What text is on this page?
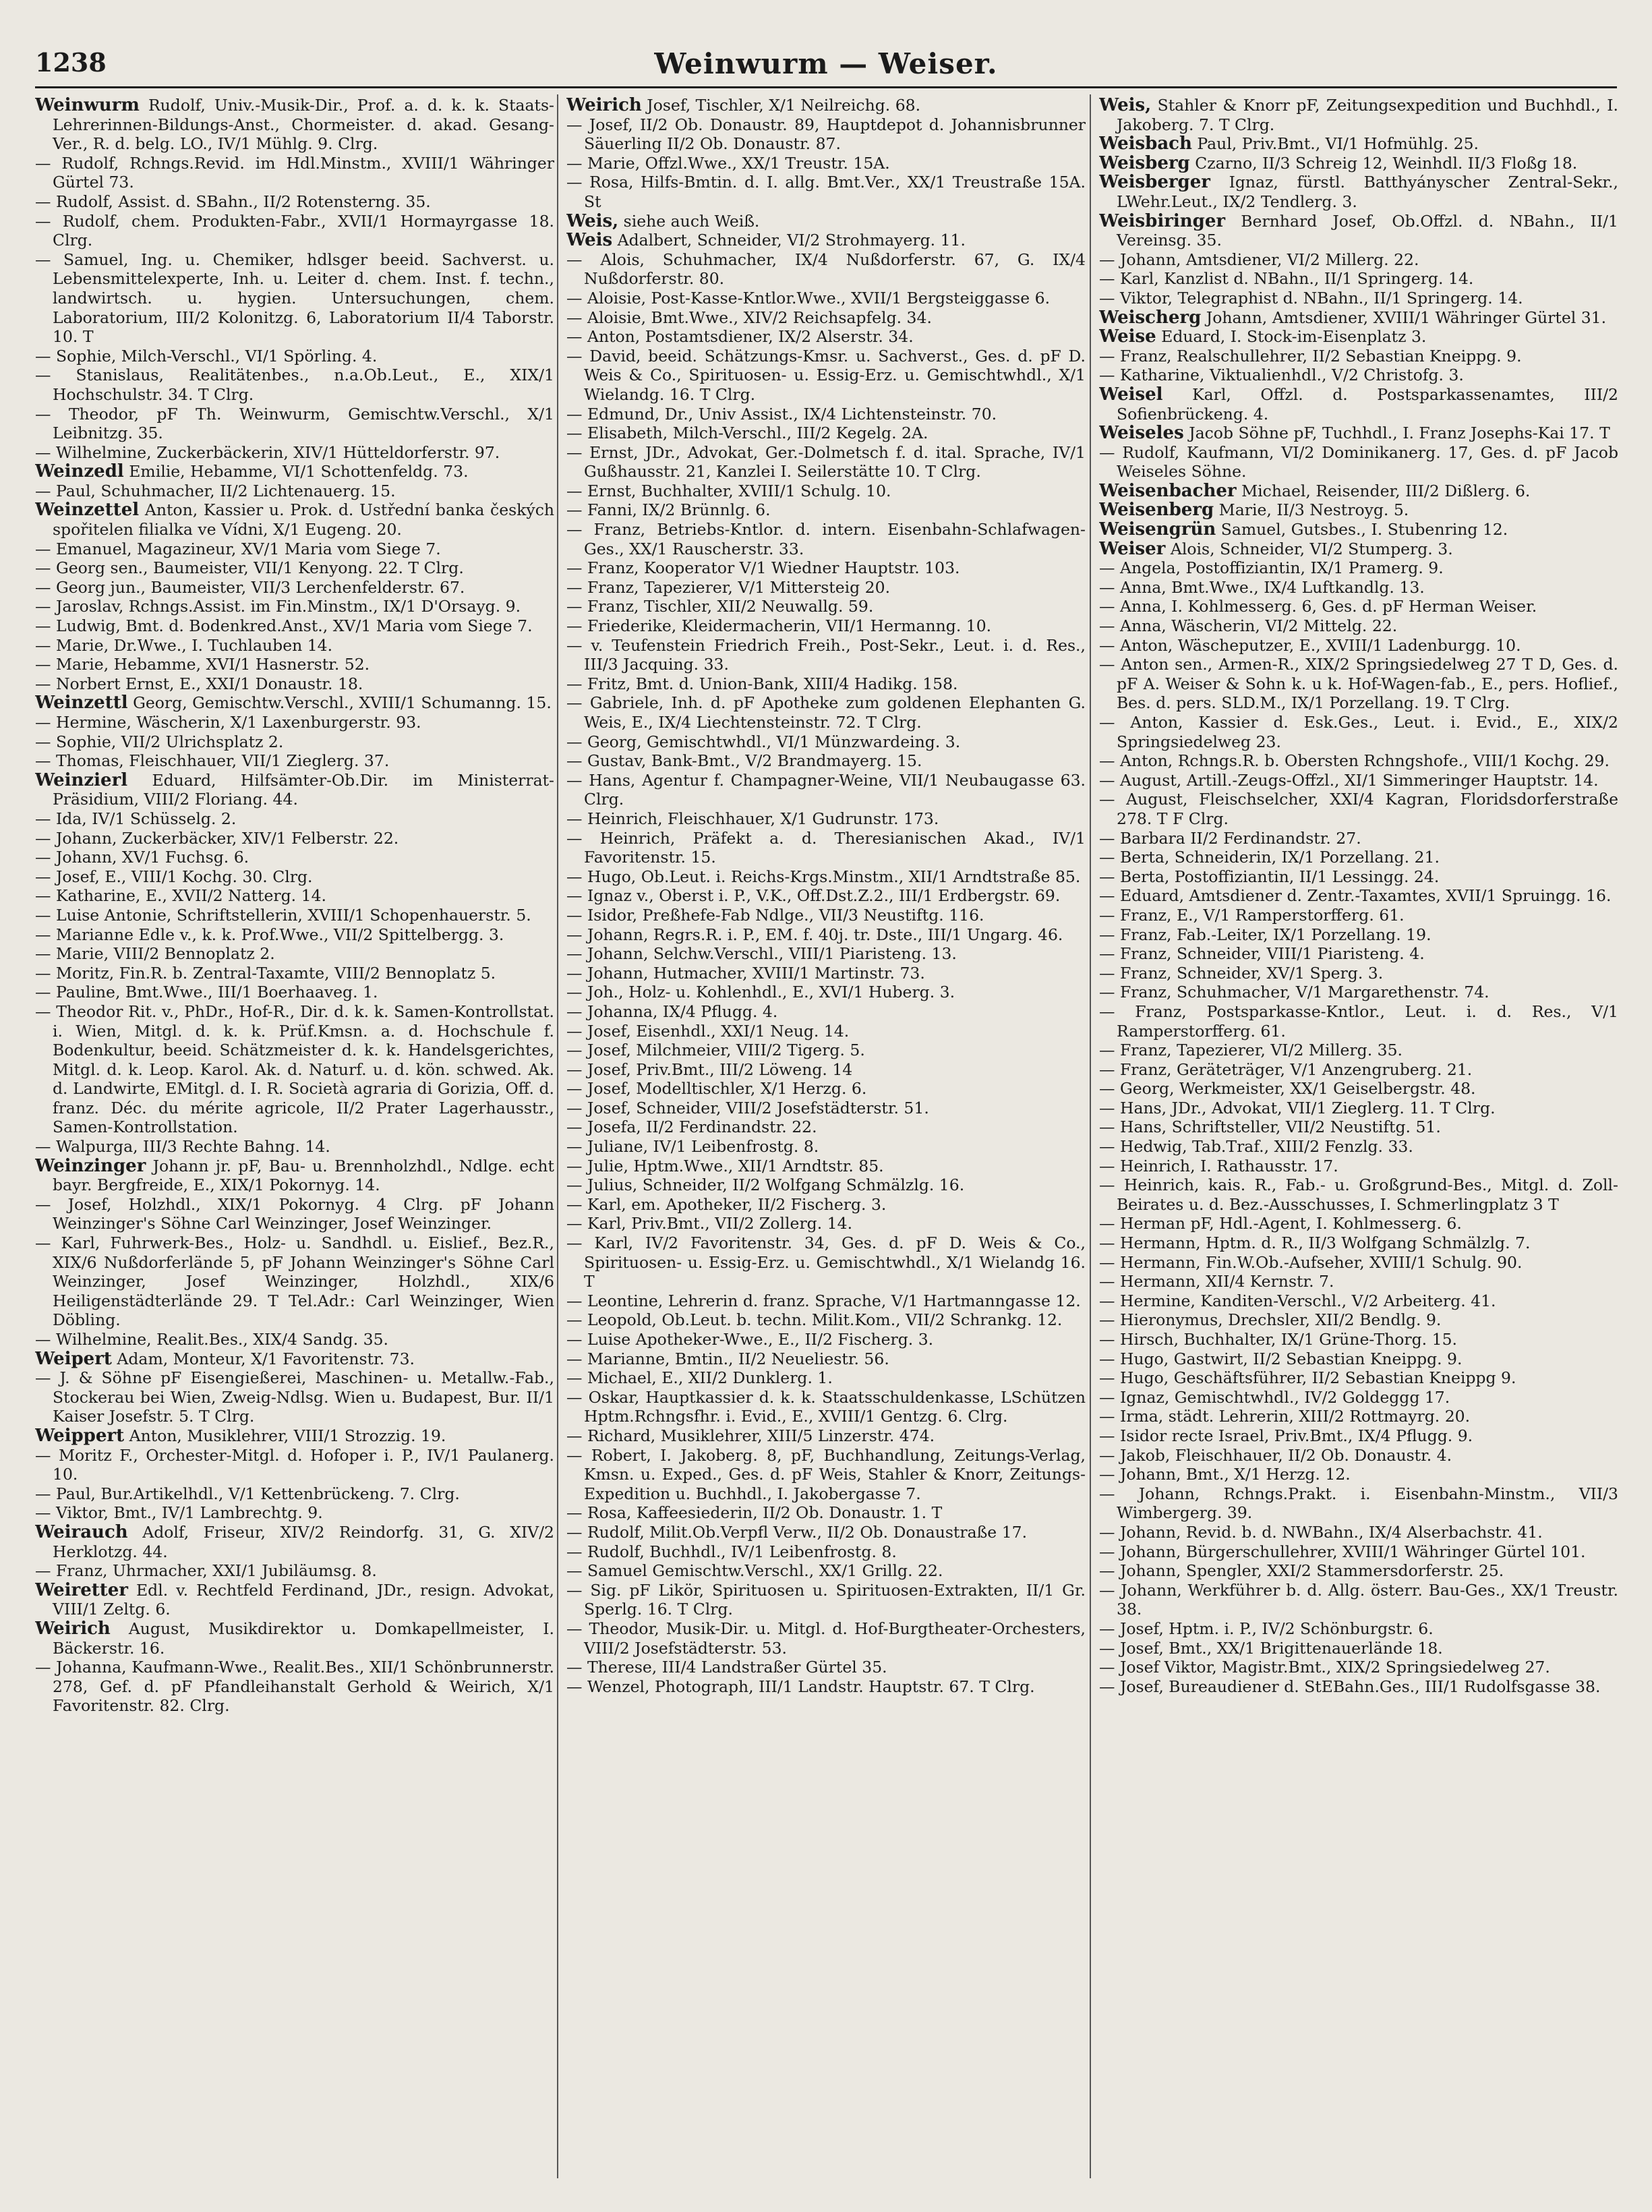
1238	Weinwurm — Weiser.

Weinwurm Rudolf, Univ.-Musik-Dir., Prof. a. d. k. k. Staats-Lehrerinnen-Bildungs-Anst., Chormeister. d. akad. Gesang-Ver., R. d. belg. LO., IV/1 Mühlg. 9. Clrg.

— Rudolf, Rchngs.Revid. im Hdl.Minstm., XVIII/1 Währinger Gürtel 73.

— Rudolf, Assist. d. SBahn., II/2 Rotensterng. 35.

— Rudolf, chem. Produkten-Fabr., XVII/1 Hormayrgasse 18. Clrg.

— Samuel, Ing. u. Chemiker, hdlsger beeid. Sachverst. u. Lebensmittelexperte, Inh. u. Leiter d. chem. Inst. f. techn., landwirtsch. u. hygien. Untersuchungen, chem. Laboratorium, III/2 Kolonitzg. 6, Laboratorium II/4 Taborstr. 10. T

— Sophie, Milch-Verschl., VI/1 Spörling. 4.

— Stanislaus, Realitätenbes., n.a.Ob.Leut., E., XIX/1 Hochschulstr. 34. T Clrg.

— Theodor, pF Th. Weinwurm, Gemischtw.Verschl., X/1 Leibnitzg. 35.

— Wilhelmine, Zuckerbäckerin, XIV/1 Hütteldorferstr. 97.

Weinzedl Emilie, Hebamme, VI/1 Schottenfeldg. 73.

— Paul, Schuhmacher, II/2 Lichtenauerg. 15.

Weinzettel Anton, Kassier u. Prok. d. Ustřední banka českých spořitelen filialka ve Vídni, X/1 Eugeng. 20.

— Emanuel, Magazineur, XV/1 Maria vom Siege 7.

— Georg sen., Baumeister, VII/1 Kenyong. 22. T Clrg.

— Georg jun., Baumeister, VII/3 Lerchenfelderstr. 67.

— Jaroslav, Rchngs.Assist. im Fin.Minstm., IX/1 D'Orsayg. 9.

— Ludwig, Bmt. d. Bodenkred.Anst., XV/1 Maria vom Siege 7.

— Marie, Dr.Wwe., I. Tuchlauben 14.

— Marie, Hebamme, XVI/1 Hasnerstr. 52.

— Norbert Ernst, E., XXI/1 Donaustr. 18.

Weinzettl Georg, Gemischtw.Verschl., XVIII/1 Schumanng. 15.

— Hermine, Wäscherin, X/1 Laxenburgerstr. 93.

— Sophie, VII/2 Ulrichsplatz 2.

— Thomas, Fleischhauer, VII/1 Zieglerg. 37.

Weinzierl Eduard, Hilfsämter-Ob.Dir. im Ministerrat-Präsidium, VIII/2 Floriang. 44.

— Ida, IV/1 Schüsselg. 2.

— Johann, Zuckerbäcker, XIV/1 Felberstr. 22.

— Johann, XV/1 Fuchsg. 6.

— Josef, E., VIII/1 Kochg. 30. Clrg.

— Katharine, E., XVII/2 Natterg. 14.

— Luise Antonie, Schriftstellerin, XVIII/1 Schopenhauerstr. 5.

— Marianne Edle v., k. k. Prof.Wwe., VII/2 Spittelbergg. 3.

— Marie, VIII/2 Bennoplatz 2.

— Moritz, Fin.R. b. Zentral-Taxamte, VIII/2 Bennoplatz 5.

— Pauline, Bmt.Wwe., III/1 Boerhaaveg. 1.

— Theodor Rit. v., PhDr., Hof-R., Dir. d. k. k. Samen-Kontrollstat. i. Wien, Mitgl. d. k. k. Prüf.Kmsn. a. d. Hochschule f. Bodenkultur, beeid. Schätzmeister d. k. k. Handelsgerichtes, Mitgl. d. k. Leop. Karol. Ak. d. Naturf. u. d. kön. schwed. Ak. d. Landwirte, EMitgl. d. I. R. Società agraria di Gorizia, Off. d. franz. Déc. du mérite agricole, II/2 Prater Lagerhausstr., Samen-Kontrollstation.

— Walpurga, III/3 Rechte Bahng. 14.

Weinzinger Johann jr. pF, Bau- u. Brennholzhdl., Ndlge. echt bayr. Bergfreide, E., XIX/1 Pokornyg. 14.

— Josef, Holzhdl., XIX/1 Pokornyg. 4 Clrg. pF Johann Weinzinger's Söhne Carl Weinzinger, Josef Weinzinger.

— Karl, Fuhrwerk-Bes., Holz- u. Sandhdl. u. Eislief., Bez.R., XIX/6 Nußdorferlände 5, pF Johann Weinzinger's Söhne Carl Weinzinger, Josef Weinzinger, Holzhdl., XIX/6 Heiligenstädterlände 29. T Tel.Adr.: Carl Weinzinger, Wien Döbling.

— Wilhelmine, Realit.Bes., XIX/4 Sandg. 35.

Weipert Adam, Monteur, X/1 Favoritenstr. 73.

— J. & Söhne pF Eisengießerei, Maschinen- u. Metallw.-Fab., Stockerau bei Wien, Zweig-Ndlsg. Wien u. Budapest, Bur. II/1 Kaiser Josefstr. 5. T Clrg.

Weippert Anton, Musiklehrer, VIII/1 Strozzig. 19.

— Moritz F., Orchester-Mitgl. d. Hofoper i. P., IV/1 Paulanerg. 10.

— Paul, Bur.Artikelhdl., V/1 Kettenbrückeng. 7. Clrg.

— Viktor, Bmt., IV/1 Lambrechtg. 9.

Weirauch Adolf, Friseur, XIV/2 Reindorfg. 31, G. XIV/2 Herklotzg. 44.

— Franz, Uhrmacher, XXI/1 Jubiläumsg. 8.

Weiretter Edl. v. Rechtfeld Ferdinand, JDr., resign. Advokat, VIII/1 Zeltg. 6.

Weirich August, Musikdirektor u. Domkapellmeister, I. Bäckerstr. 16.

— Johanna, Kaufmann-Wwe., Realit.Bes., XII/1 Schönbrunnerstr. 278, Gef. d. pF Pfandleihanstalt Gerhold & Weirich, X/1 Favoritenstr. 82. Clrg.

Weirich Josef, Tischler, X/1 Neilreichg. 68.

— Josef, II/2 Ob. Donaustr. 89, Hauptdepot d. Johannisbrunner Säuerling II/2 Ob. Donaustr. 87.

— Marie, Offzl.Wwe., XX/1 Treustr. 15A.

— Rosa, Hilfs-Bmtin. d. I. allg. Bmt.Ver., XX/1 Treustraße 15A. St

Weis, siehe auch Weiß.

Weis Adalbert, Schneider, VI/2 Strohmayerg. 11.

— Alois, Schuhmacher, IX/4 Nußdorferstr. 67, G. IX/4 Nußdorferstr. 80.

— Aloisie, Post-Kasse-Kntlor.Wwe., XVII/1 Bergsteiggasse 6.

— Aloisie, Bmt.Wwe., XIV/2 Reichsapfelg. 34.

— Anton, Postamtsdiener, IX/2 Alserstr. 34.

— David, beeid. Schätzungs-Kmsr. u. Sachverst., Ges. d. pF D. Weis & Co., Spirituosen- u. Essig-Erz. u. Gemischtwhdl., X/1 Wielandg. 16. T Clrg.

— Edmund, Dr., Univ Assist., IX/4 Lichtensteinstr. 70.

— Elisabeth, Milch-Verschl., III/2 Kegelg. 2A.

— Ernst, JDr., Advokat, Ger.-Dolmetsch f. d. ital. Sprache, IV/1 Gußhausstr. 21, Kanzlei I. Seilerstätte 10. T Clrg.

— Ernst, Buchhalter, XVIII/1 Schulg. 10.

— Fanni, IX/2 Brünnlg. 6.

— Franz, Betriebs-Kntlor. d. intern. Eisenbahn-Schlafwagen-Ges., XX/1 Rauscherstr. 33.

— Franz, Kooperator V/1 Wiedner Hauptstr. 103.

— Franz, Tapezierer, V/1 Mittersteig 20.

— Franz, Tischler, XII/2 Neuwallg. 59.

— Friederike, Kleidermacherin, VII/1 Hermanng. 10.

— v. Teufenstein Friedrich Freih., Post-Sekr., Leut. i. d. Res., III/3 Jacquing. 33.

— Fritz, Bmt. d. Union-Bank, XIII/4 Hadikg. 158.

— Gabriele, Inh. d. pF Apotheke zum goldenen Elephanten G. Weis, E., IX/4 Liechtensteinstr. 72. T Clrg.

— Georg, Gemischtwhdl., VI/1 Münzwardeing. 3.

— Gustav, Bank-Bmt., V/2 Brandmayerg. 15.

— Hans, Agentur f. Champagner-Weine, VII/1 Neubaugasse 63. Clrg.

— Heinrich, Fleischhauer, X/1 Gudrunstr. 173.

— Heinrich, Präfekt a. d. Theresianischen Akad., IV/1 Favoritenstr. 15.

— Hugo, Ob.Leut. i. Reichs-Krgs.Minstm., XII/1 Arndtstraße 85.

— Ignaz v., Oberst i. P., V.K., Off.Dst.Z.2., III/1 Erdbergstr. 69.

— Isidor, Preßhefe-Fab Ndlge., VII/3 Neustiftg. 116.

— Johann, Regrs.R. i. P., EM. f. 40j. tr. Dste., III/1 Ungarg. 46.

— Johann, Selchw.Verschl., VIII/1 Piaristeng. 13.

— Johann, Hutmacher, XVIII/1 Martinstr. 73.

— Joh., Holz- u. Kohlenhdl., E., XVI/1 Huberg. 3.

— Johanna, IX/4 Pflugg. 4.

— Josef, Eisenhdl., XXI/1 Neug. 14.

— Josef, Milchmeier, VIII/2 Tigerg. 5.

— Josef, Priv.Bmt., III/2 Löweng. 14

— Josef, Modelltischler, X/1 Herzg. 6.

— Josef, Schneider, VIII/2 Josefstädterstr. 51.

— Josefa, II/2 Ferdinandstr. 22.

— Juliane, IV/1 Leibenfrostg. 8.

— Julie, Hptm.Wwe., XII/1 Arndtstr. 85.

— Julius, Schneider, II/2 Wolfgang Schmälzlg. 16.

— Karl, em. Apotheker, II/2 Fischerg. 3.

— Karl, Priv.Bmt., VII/2 Zollerg. 14.

— Karl, IV/2 Favoritenstr. 34, Ges. d. pF D. Weis & Co., Spirituosen- u. Essig-Erz. u. Gemischtwhdl., X/1 Wielandg 16. T

— Leontine, Lehrerin d. franz. Sprache, V/1 Hartmanngasse 12.

— Leopold, Ob.Leut. b. techn. Milit.Kom., VII/2 Schrankg. 12.

— Luise Apotheker-Wwe., E., II/2 Fischerg. 3.

— Marianne, Bmtin., II/2 Neueliestr. 56.

— Michael, E., XII/2 Dunklerg. 1.

— Oskar, Hauptkassier d. k. k. Staatsschuldenkasse, LSchützen Hptm.Rchngsfhr. i. Evid., E., XVIII/1 Gentzg. 6. Clrg.

— Richard, Musiklehrer, XIII/5 Linzerstr. 474.

— Robert, I. Jakoberg. 8, pF, Buchhandlung, Zeitungs-Verlag, Kmsn. u. Exped., Ges. d. pF Weis, Stahler & Knorr, Zeitungs-Expedition u. Buchhdl., I. Jakobergasse 7.

— Rosa, Kaffeesiederin, II/2 Ob. Donaustr. 1. T

— Rudolf, Milit.Ob.Verpfl Verw., II/2 Ob. Donaustraße 17.

— Rudolf, Buchhdl., IV/1 Leibenfrostg. 8.

— Samuel Gemischtw.Verschl., XX/1 Grillg. 22.

— Sig. pF Likör, Spirituosen u. Spirituosen-Extrakten, II/1 Gr. Sperlg. 16. T Clrg.

— Theodor, Musik-Dir. u. Mitgl. d. Hof-Burgtheater-Orchesters, VIII/2 Josefstädterstr. 53.

— Therese, III/4 Landstraßer Gürtel 35.

— Wenzel, Photograph, III/1 Landstr. Hauptstr. 67. T Clrg.

Weis, Stahler & Knorr pF, Zeitungsexpedition und Buchhdl., I. Jakoberg. 7. T Clrg.

Weisbach Paul, Priv.Bmt., VI/1 Hofmühlg. 25.

Weisberg Czarno, II/3 Schreig 12, Weinhdl. II/3 Floßg 18.

Weisberger Ignaz, fürstl. Batthyányscher Zentral-Sekr., LWehr.Leut., IX/2 Tendlerg. 3.

Weisbiringer Bernhard Josef, Ob.Offzl. d. NBahn., II/1 Vereinsg. 35.

— Johann, Amtsdiener, VI/2 Millerg. 22.

— Karl, Kanzlist d. NBahn., II/1 Springerg. 14.

— Viktor, Telegraphist d. NBahn., II/1 Springerg. 14.

Weischerg Johann, Amtsdiener, XVIII/1 Währinger Gürtel 31.

Weise Eduard, I. Stock-im-Eisenplatz 3.

— Franz, Realschullehrer, II/2 Sebastian Kneippg. 9.

— Katharine, Viktualienhdl., V/2 Christofg. 3.

Weisel Karl, Offzl. d. Postsparkassenamtes, III/2 Sofienbrückeng. 4.

Weiseles Jacob Söhne pF, Tuchhdl., I. Franz Josephs-Kai 17. T

— Rudolf, Kaufmann, VI/2 Dominikanerg. 17, Ges. d. pF Jacob Weiseles Söhne.

Weisenbacher Michael, Reisender, III/2 Dißlerg. 6.

Weisenberg Marie, II/3 Nestroyg. 5.

Weisengrün Samuel, Gutsbes., I. Stubenring 12.

Weiser Alois, Schneider, VI/2 Stumperg. 3.

— Angela, Postoffiziantin, IX/1 Pramerg. 9.

— Anna, Bmt.Wwe., IX/4 Luftkandlg. 13.

— Anna, I. Kohlmesserg. 6, Ges. d. pF Herman Weiser.

— Anna, Wäscherin, VI/2 Mittelg. 22.

— Anton, Wäscheputzer, E., XVIII/1 Ladenburgg. 10.

— Anton sen., Armen-R., XIX/2 Springsiedelweg 27 T D, Ges. d. pF A. Weiser & Sohn k. u k. Hof-Wagen-fab., E., pers. Hoflief., Bes. d. pers. SLD.M., IX/1 Porzellang. 19. T Clrg.

— Anton, Kassier d. Esk.Ges., Leut. i. Evid., E., XIX/2 Springsiedelweg 23.

— Anton, Rchngs.R. b. Obersten Rchngshofe., VIII/1 Kochg. 29.

— August, Artill.-Zeugs-Offzl., XI/1 Simmeringer Hauptstr. 14.

— August, Fleischselcher, XXI/4 Kagran, Floridsdorferstraße 278. T F Clrg.

— Barbara II/2 Ferdinandstr. 27.

— Berta, Schneiderin, IX/1 Porzellang. 21.

— Berta, Postoffiziantin, II/1 Lessingg. 24.

— Eduard, Amtsdiener d. Zentr.-Taxamtes, XVII/1 Spruingg. 16.

— Franz, E., V/1 Ramperstorfferg. 61.

— Franz, Fab.-Leiter, IX/1 Porzellang. 19.

— Franz, Schneider, VIII/1 Piaristeng. 4.

— Franz, Schneider, XV/1 Sperg. 3.

— Franz, Schuhmacher, V/1 Margarethenstr. 74.

— Franz, Postsparkasse-Kntlor., Leut. i. d. Res., V/1 Ramperstorfferg. 61.

— Franz, Tapezierer, VI/2 Millerg. 35.

— Franz, Geräteträger, V/1 Anzengruberg. 21.

— Georg, Werkmeister, XX/1 Geiselbergstr. 48.

— Hans, JDr., Advokat, VII/1 Zieglerg. 11. T Clrg.

— Hans, Schriftsteller, VII/2 Neustiftg. 51.

— Hedwig, Tab.Traf., XIII/2 Fenzlg. 33.

— Heinrich, I. Rathausstr. 17.

— Heinrich, kais. R., Fab.- u. Großgrund-Bes., Mitgl. d. Zoll-Beirates u. d. Bez.-Ausschusses, I. Schmerlingplatz 3 T

— Herman pF, Hdl.-Agent, I. Kohlmesserg. 6.

— Hermann, Hptm. d. R., II/3 Wolfgang Schmälzlg. 7.

— Hermann, Fin.W.Ob.-Aufseher, XVIII/1 Schulg. 90.

— Hermann, XII/4 Kernstr. 7.

— Hermine, Kanditen-Verschl., V/2 Arbeiterg. 41.

— Hieronymus, Drechsler, XII/2 Bendlg. 9.

— Hirsch, Buchhalter, IX/1 Grüne-Thorg. 15.

— Hugo, Gastwirt, II/2 Sebastian Kneippg. 9.

— Hugo, Geschäftsführer, II/2 Sebastian Kneippg 9.

— Ignaz, Gemischtwhdl., IV/2 Goldeggg 17.

— Irma, städt. Lehrerin, XIII/2 Rottmayrg. 20.

— Isidor recte Israel, Priv.Bmt., IX/4 Pflugg. 9.

— Jakob, Fleischhauer, II/2 Ob. Donaustr. 4.

— Johann, Bmt., X/1 Herzg. 12.

— Johann, Rchngs.Prakt. i. Eisenbahn-Minstm., VII/3 Wimbergerg. 39.

— Johann, Revid. b. d. NWBahn., IX/4 Alserbachstr. 41.

— Johann, Bürgerschullehrer, XVIII/1 Währinger Gürtel 101.

— Johann, Spengler, XXI/2 Stammersdorferstr. 25.

— Johann, Werkführer b. d. Allg. österr. Bau-Ges., XX/1 Treustr. 38.

— Josef, Hptm. i. P., IV/2 Schönburgstr. 6.

— Josef, Bmt., XX/1 Brigittenauerlände 18.

— Josef Viktor, Magistr.Bmt., XIX/2 Springsiedelweg 27.

— Josef, Bureaudiener d. StEBahn.Ges., III/1 Rudolfsgasse 38.
